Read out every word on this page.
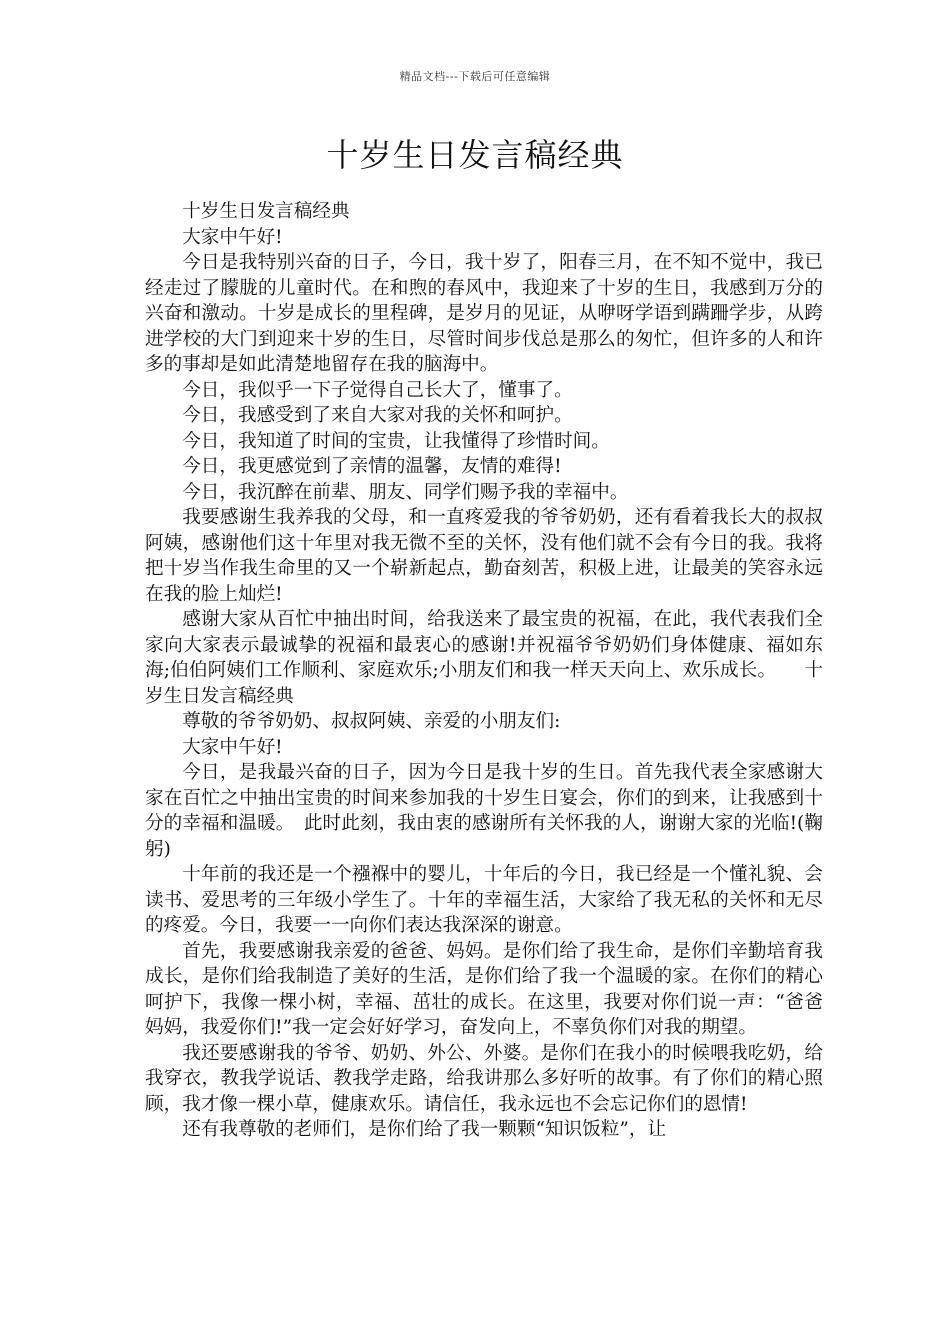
精品文档---下载后可任意编辑
十岁生日发言稿经典

十岁生日发言稿经典

大家中午好!

今日是我特别兴奋的日子，今日，我十岁了，阳春三月，在不知不觉中，我已经走过了朦胧的儿童时代。在和煦的春风中，我迎来了十岁的生日，我感到万分的兴奋和激动。十岁是成长的里程碑，是岁月的见证，从咿呀学语到蹒跚学步，从跨进学校的大门到迎来十岁的生日，尽管时间步伐总是那么的匆忙，但许多的人和许多的事却是如此清楚地留存在我的脑海中。

今日，我似乎一下子觉得自己长大了，懂事了。

今日，我感受到了来自大家对我的关怀和呵护。

今日，我知道了时间的宝贵，让我懂得了珍惜时间。

今日，我更感觉到了亲情的温馨，友情的难得!

今日，我沉醉在前辈、朋友、同学们赐予我的幸福中。

我要感谢生我养我的父母，和一直疼爱我的爷爷奶奶，还有看着我长大的叔叔阿姨，感谢他们这十年里对我无微不至的关怀，没有他们就不会有今日的我。我将把十岁当作我生命里的又一个崭新起点，勤奋刻苦，积极上进，让最美的笑容永远在我的脸上灿烂!

感谢大家从百忙中抽出时间，给我送来了最宝贵的祝福，在此，我代表我们全家向大家表示最诚挚的祝福和最衷心的感谢!并祝福爷爷奶奶们身体健康、福如东海;伯伯阿姨们工作顺利、家庭欢乐;小朋友们和我一样天天向上、欢乐成长。　　十岁生日发言稿经典

尊敬的爷爷奶奶、叔叔阿姨、亲爱的小朋友们:

大家中午好!

今日，是我最兴奋的日子，因为今日是我十岁的生日。首先我代表全家感谢大家在百忙之中抽出宝贵的时间来参加我的十岁生日宴会，你们的到来，让我感到十分的幸福和温暖。　此时此刻，我由衷的感谢所有关怀我的人，谢谢大家的光临!(鞠躬)

十年前的我还是一个襁褓中的婴儿，十年后的今日，我已经是一个懂礼貌、会读书、爱思考的三年级小学生了。十年的幸福生活，大家给了我无私的关怀和无尽的疼爱。今日，我要一一向你们表达我深深的谢意。

首先，我要感谢我亲爱的爸爸、妈妈。是你们给了我生命，是你们辛勤培育我成长，是你们给我制造了美好的生活，是你们给了我一个温暖的家。在你们的精心呵护下，我像一棵小树，幸福、茁壮的成长。在这里，我要对你们说一声：“爸爸妈妈，我爱你们!”我一定会好好学习，奋发向上，不辜负你们对我的期望。

我还要感谢我的爷爷、奶奶、外公、外婆。是你们在我小的时候喂我吃奶，给我穿衣，教我学说话、教我学走路，给我讲那么多好听的故事。有了你们的精心照顾，我才像一棵小草，健康欢乐。请信任，我永远也不会忘记你们的恩情!

还有我尊敬的老师们，是你们给了我一颗颗“知识饭粒”，让
